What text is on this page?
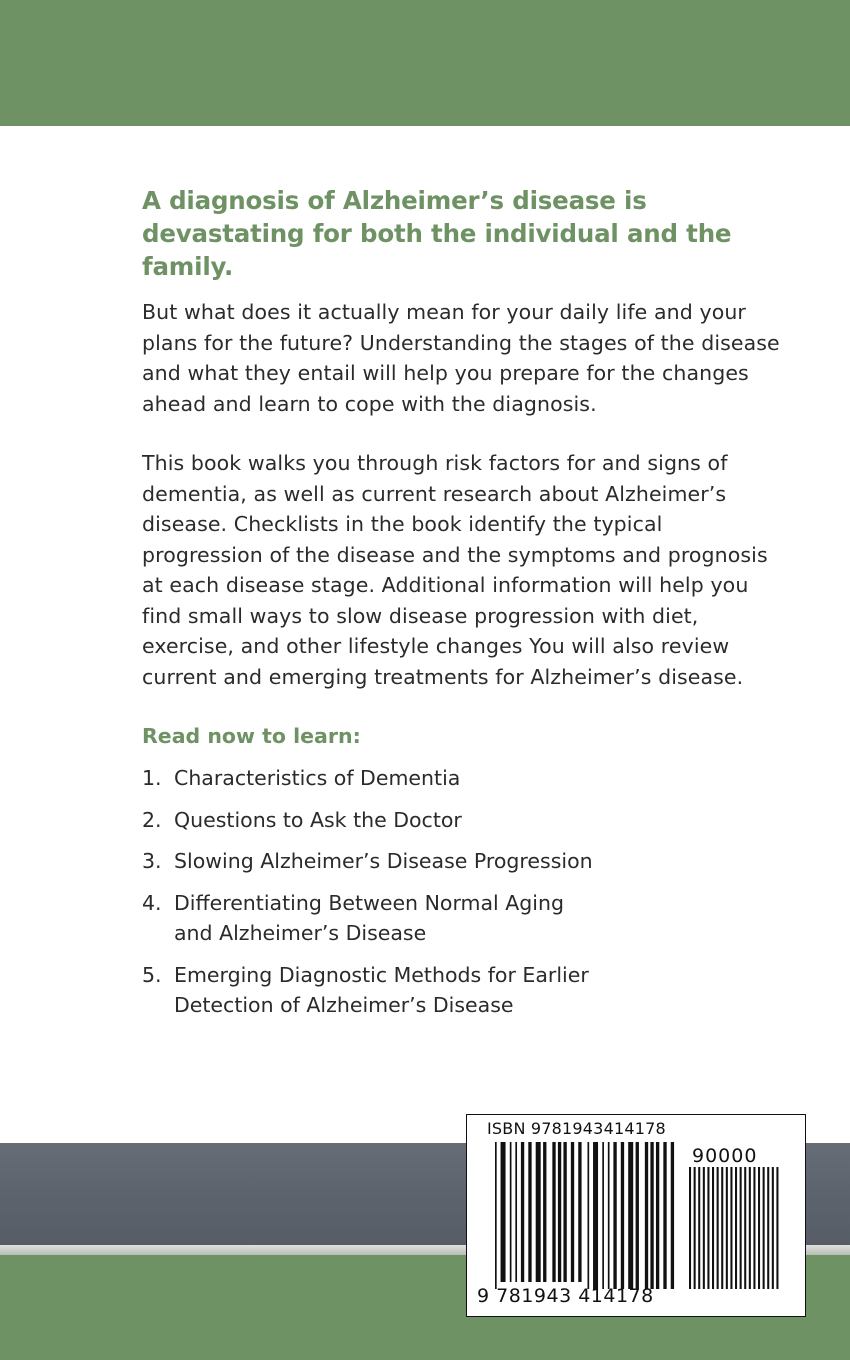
A diagnosis of Alzheimer’s disease is devastating for both the individual and the family.

But what does it actually mean for your daily life and your plans for the future? Understanding the stages of the disease and what they entail will help you prepare for the changes ahead and learn to cope with the diagnosis.

This book walks you through risk factors for and signs of dementia, as well as current research about Alzheimer’s disease. Checklists in the book identify the typical progression of the disease and the symptoms and prognosis at each disease stage. Additional information will help you find small ways to slow disease progression with diet, exercise, and other lifestyle changes You will also review current and emerging treatments for Alzheimer’s disease.

Read now to learn:
1. Characteristics of Dementia
2. Questions to Ask the Doctor
3. Slowing Alzheimer’s Disease Progression
4. Differentiating Between Normal Aging and Alzheimer’s Disease
5. Emerging Diagnostic Methods for Earlier Detection of Alzheimer’s Disease
ISBN 9781943414178
90000
9 781943 414178
